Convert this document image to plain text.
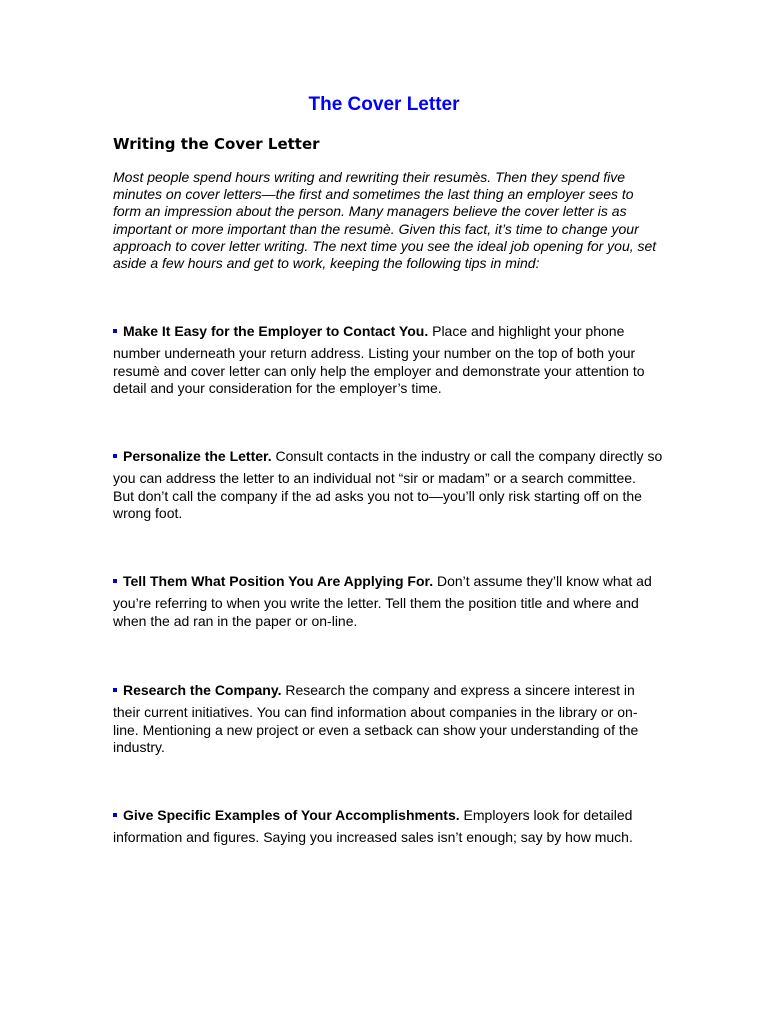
The Cover Letter
Writing the Cover Letter

Most people spend hours writing and rewriting their resumès. Then they spend five minutes on cover letters—the first and sometimes the last thing an employer sees to form an impression about the person. Many managers believe the cover letter is as important or more important than the resumè. Given this fact, it’s time to change your approach to cover letter writing. The next time you see the ideal job opening for you, set aside a few hours and get to work, keeping the following tips in mind:

Make It Easy for the Employer to Contact You. Place and highlight your phone
number underneath your return address. Listing your number on the top of both your resumè and cover letter can only help the employer and demonstrate your attention to detail and your consideration for the employer’s time.
Personalize the Letter. Consult contacts in the industry or call the company directly so
you can address the letter to an individual not “sir or madam” or a search committee. But don’t call the company if the ad asks you not to—you’ll only risk starting off on the wrong foot.
Tell Them What Position You Are Applying For. Don’t assume they’ll know what ad
you’re referring to when you write the letter. Tell them the position title and where and when the ad ran in the paper or on-line.
Research the Company. Research the company and express a sincere interest in
their current initiatives. You can find information about companies in the library or on-line. Mentioning a new project or even a setback can show your understanding of the industry.
Give Specific Examples of Your Accomplishments. Employers look for detailed
information and figures. Saying you increased sales isn’t enough; say by how much.
